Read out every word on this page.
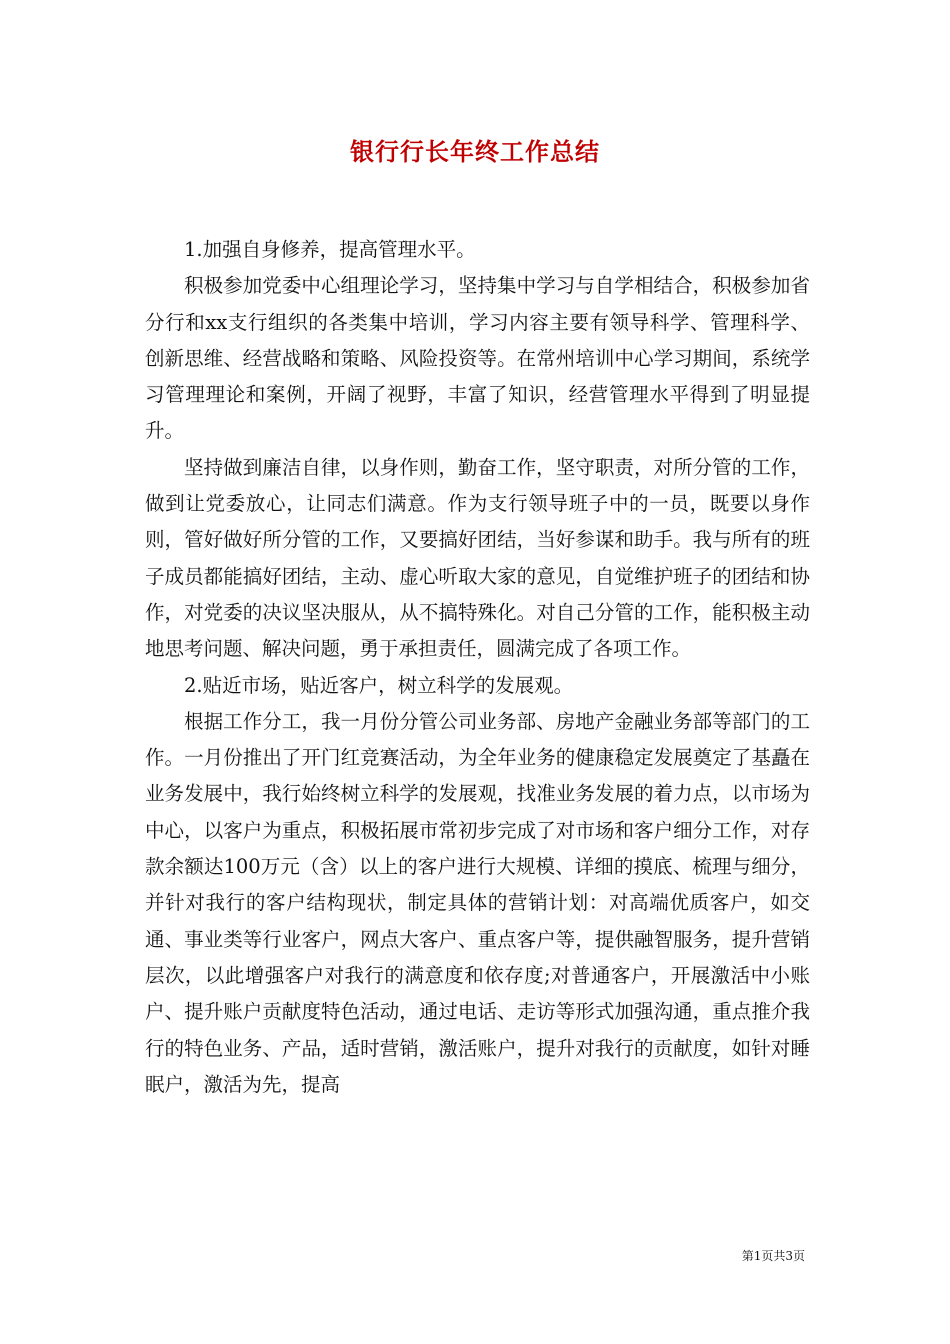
银行行长年终工作总结

1.加强自身修养，提高管理水平。

积极参加党委中心组理论学习，坚持集中学习与自学相结合，积极参加省分行和xx支行组织的各类集中培训，学习内容主要有领导科学、管理科学、创新思维、经营战略和策略、风险投资等。在常州培训中心学习期间，系统学习管理理论和案例，开阔了视野，丰富了知识，经营管理水平得到了明显提升。

坚持做到廉洁自律，以身作则，勤奋工作，坚守职责，对所分管的工作，做到让党委放心，让同志们满意。作为支行领导班子中的一员，既要以身作则，管好做好所分管的工作，又要搞好团结，当好参谋和助手。我与所有的班子成员都能搞好团结，主动、虚心听取大家的意见，自觉维护班子的团结和协作，对党委的决议坚决服从，从不搞特殊化。对自己分管的工作，能积极主动地思考问题、解决问题，勇于承担责任，圆满完成了各项工作。

2.贴近市场，贴近客户，树立科学的发展观。

根据工作分工，我一月份分管公司业务部、房地产金融业务部等部门的工作。一月份推出了开门红竞赛活动，为全年业务的健康稳定发展奠定了基矗在业务发展中，我行始终树立科学的发展观，找准业务发展的着力点，以市场为中心，以客户为重点，积极拓展市常初步完成了对市场和客户细分工作，对存款余额达100万元（含）以上的客户进行大规模、详细的摸底、梳理与细分，并针对我行的客户结构现状，制定具体的营销计划：对高端优质客户，如交通、事业类等行业客户，网点大客户、重点客户等，提供融智服务，提升营销层次，以此增强客户对我行的满意度和依存度;对普通客户，开展激活中小账户、提升账户贡献度特色活动，通过电话、走访等形式加强沟通，重点推介我行的特色业务、产品，适时营销，激活账户，提升对我行的贡献度，如针对睡眠户，激活为先，提高

第1页共3页
